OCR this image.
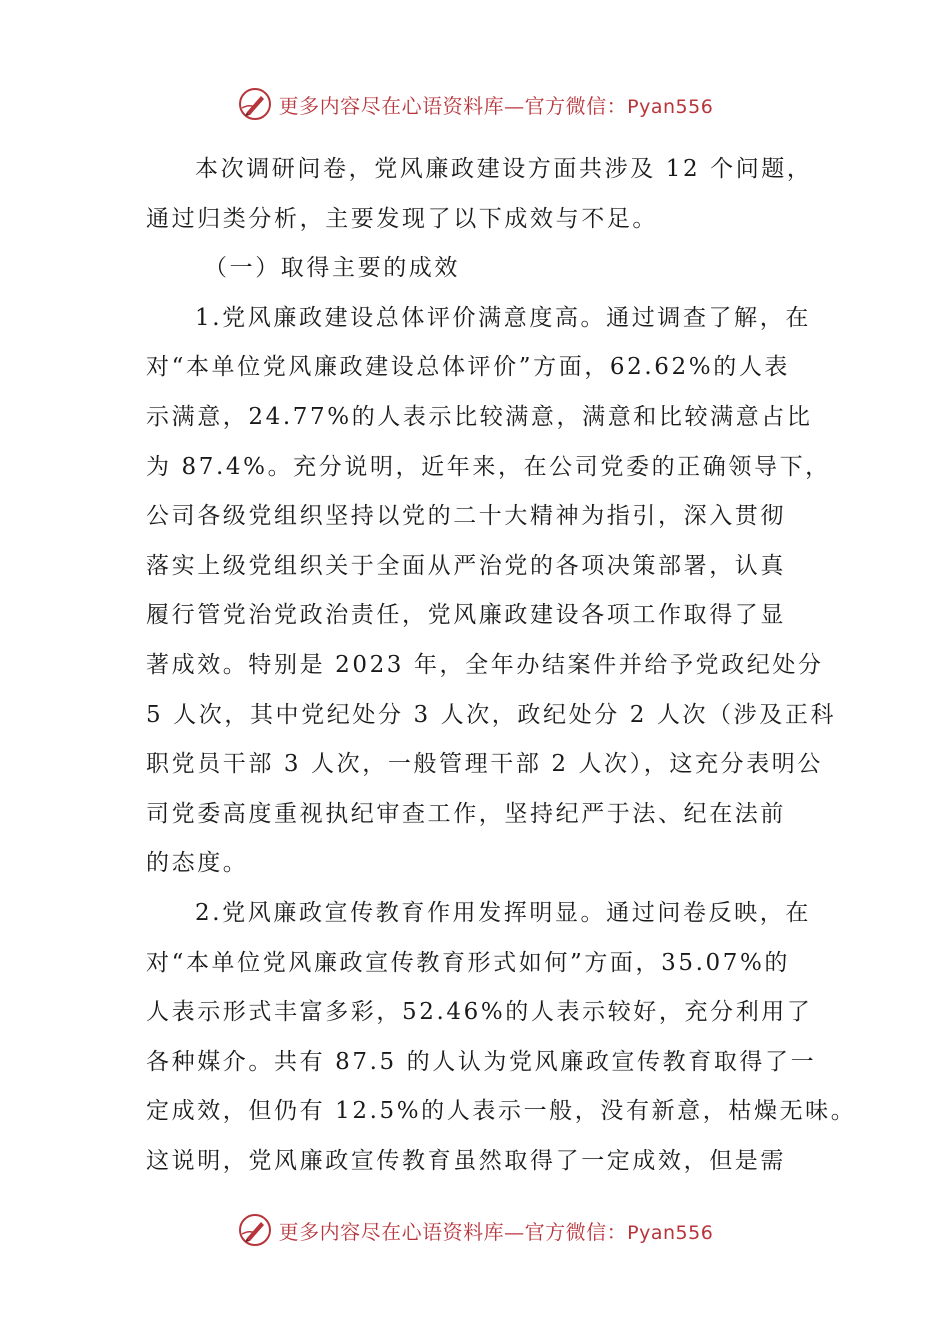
更多内容尽在心语资料库—官方微信：Pyan556
本次调研问卷，党风廉政建设方面共涉及 12 个问题，
通过归类分析，主要发现了以下成效与不足。
（一）取得主要的成效
1.党风廉政建设总体评价满意度高。通过调查了解，在
对“本单位党风廉政建设总体评价”方面，62.62%的人表
示满意，24.77%的人表示比较满意，满意和比较满意占比
为 87.4%。充分说明，近年来，在公司党委的正确领导下，
公司各级党组织坚持以党的二十大精神为指引，深入贯彻
落实上级党组织关于全面从严治党的各项决策部署，认真
履行管党治党政治责任，党风廉政建设各项工作取得了显
著成效。特别是 2023 年，全年办结案件并给予党政纪处分
5 人次，其中党纪处分 3 人次，政纪处分 2 人次（涉及正科
职党员干部 3 人次，一般管理干部 2 人次），这充分表明公
司党委高度重视执纪审查工作，坚持纪严于法、纪在法前
的态度。
2.党风廉政宣传教育作用发挥明显。通过问卷反映，在
对“本单位党风廉政宣传教育形式如何”方面，35.07%的
人表示形式丰富多彩，52.46%的人表示较好，充分利用了
各种媒介。共有 87.5 的人认为党风廉政宣传教育取得了一
定成效，但仍有 12.5%的人表示一般，没有新意，枯燥无味。
这说明，党风廉政宣传教育虽然取得了一定成效，但是需
更多内容尽在心语资料库—官方微信：Pyan556
